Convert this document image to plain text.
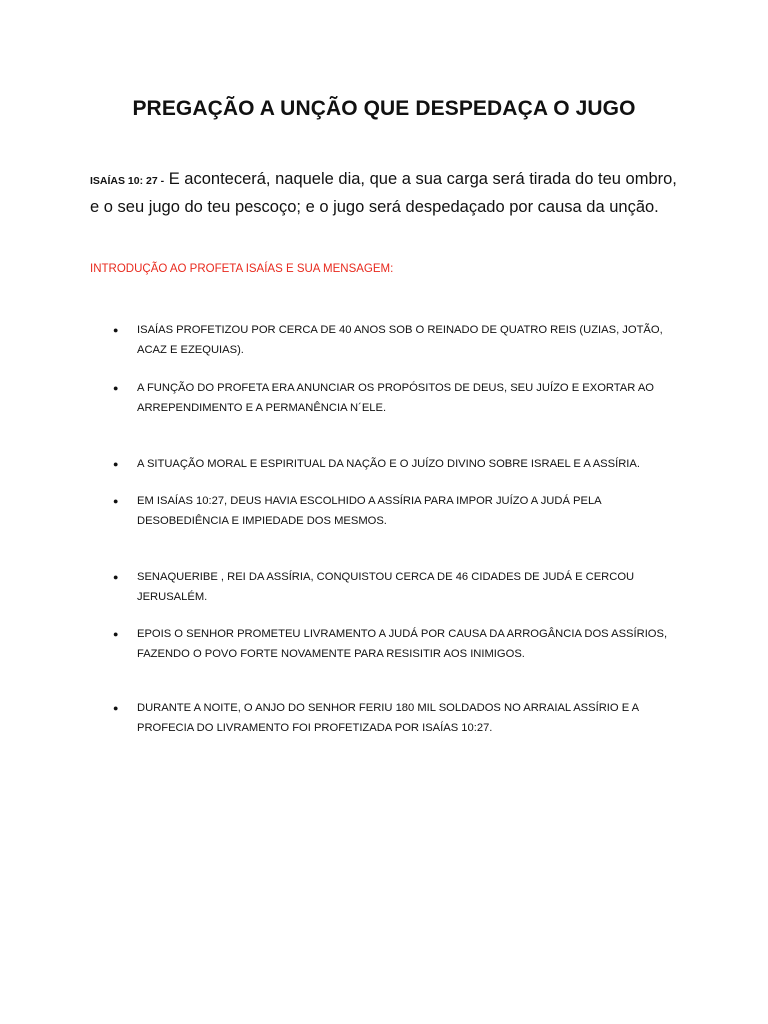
PREGAÇÃO A UNÇÃO QUE DESPEDAÇA O JUGO

ISAÍAS 10: 27 - E acontecerá, naquele dia, que a sua carga será tirada do teu ombro, e o seu jugo do teu pescoço; e o jugo será despedaçado por causa da unção.

INTRODUÇÃO AO PROFETA ISAÍAS E SUA MENSAGEM:
● ISAÍAS PROFETIZOU POR CERCA DE 40 ANOS SOB O REINADO DE QUATRO REIS (UZIAS, JOTÃO, ACAZ E EZEQUIAS).
● A FUNÇÃO DO PROFETA ERA ANUNCIAR OS PROPÓSITOS DE DEUS, SEU JUÍZO E EXORTAR AO ARREPENDIMENTO E A PERMANÊNCIA N´ELE.
● A SITUAÇÃO MORAL E ESPIRITUAL DA NAÇÃO E O JUÍZO DIVINO SOBRE ISRAEL E A ASSÍRIA.
● EM ISAÍAS 10:27, DEUS HAVIA ESCOLHIDO A ASSÍRIA PARA IMPOR JUÍZO A JUDÁ PELA DESOBEDIÊNCIA E IMPIEDADE DOS MESMOS.
● SENAQUERIBE , REI DA ASSÍRIA, CONQUISTOU CERCA DE 46 CIDADES DE JUDÁ E CERCOU JERUSALÉM.
● EPOIS O SENHOR PROMETEU LIVRAMENTO A JUDÁ POR CAUSA DA ARROGÂNCIA DOS ASSÍRIOS, FAZENDO O POVO FORTE NOVAMENTE PARA RESISITIR AOS INIMIGOS.
● DURANTE A NOITE, O ANJO DO SENHOR FERIU 180 MIL SOLDADOS NO ARRAIAL ASSÍRIO E A PROFECIA DO LIVRAMENTO FOI PROFETIZADA POR ISAÍAS 10:27.
